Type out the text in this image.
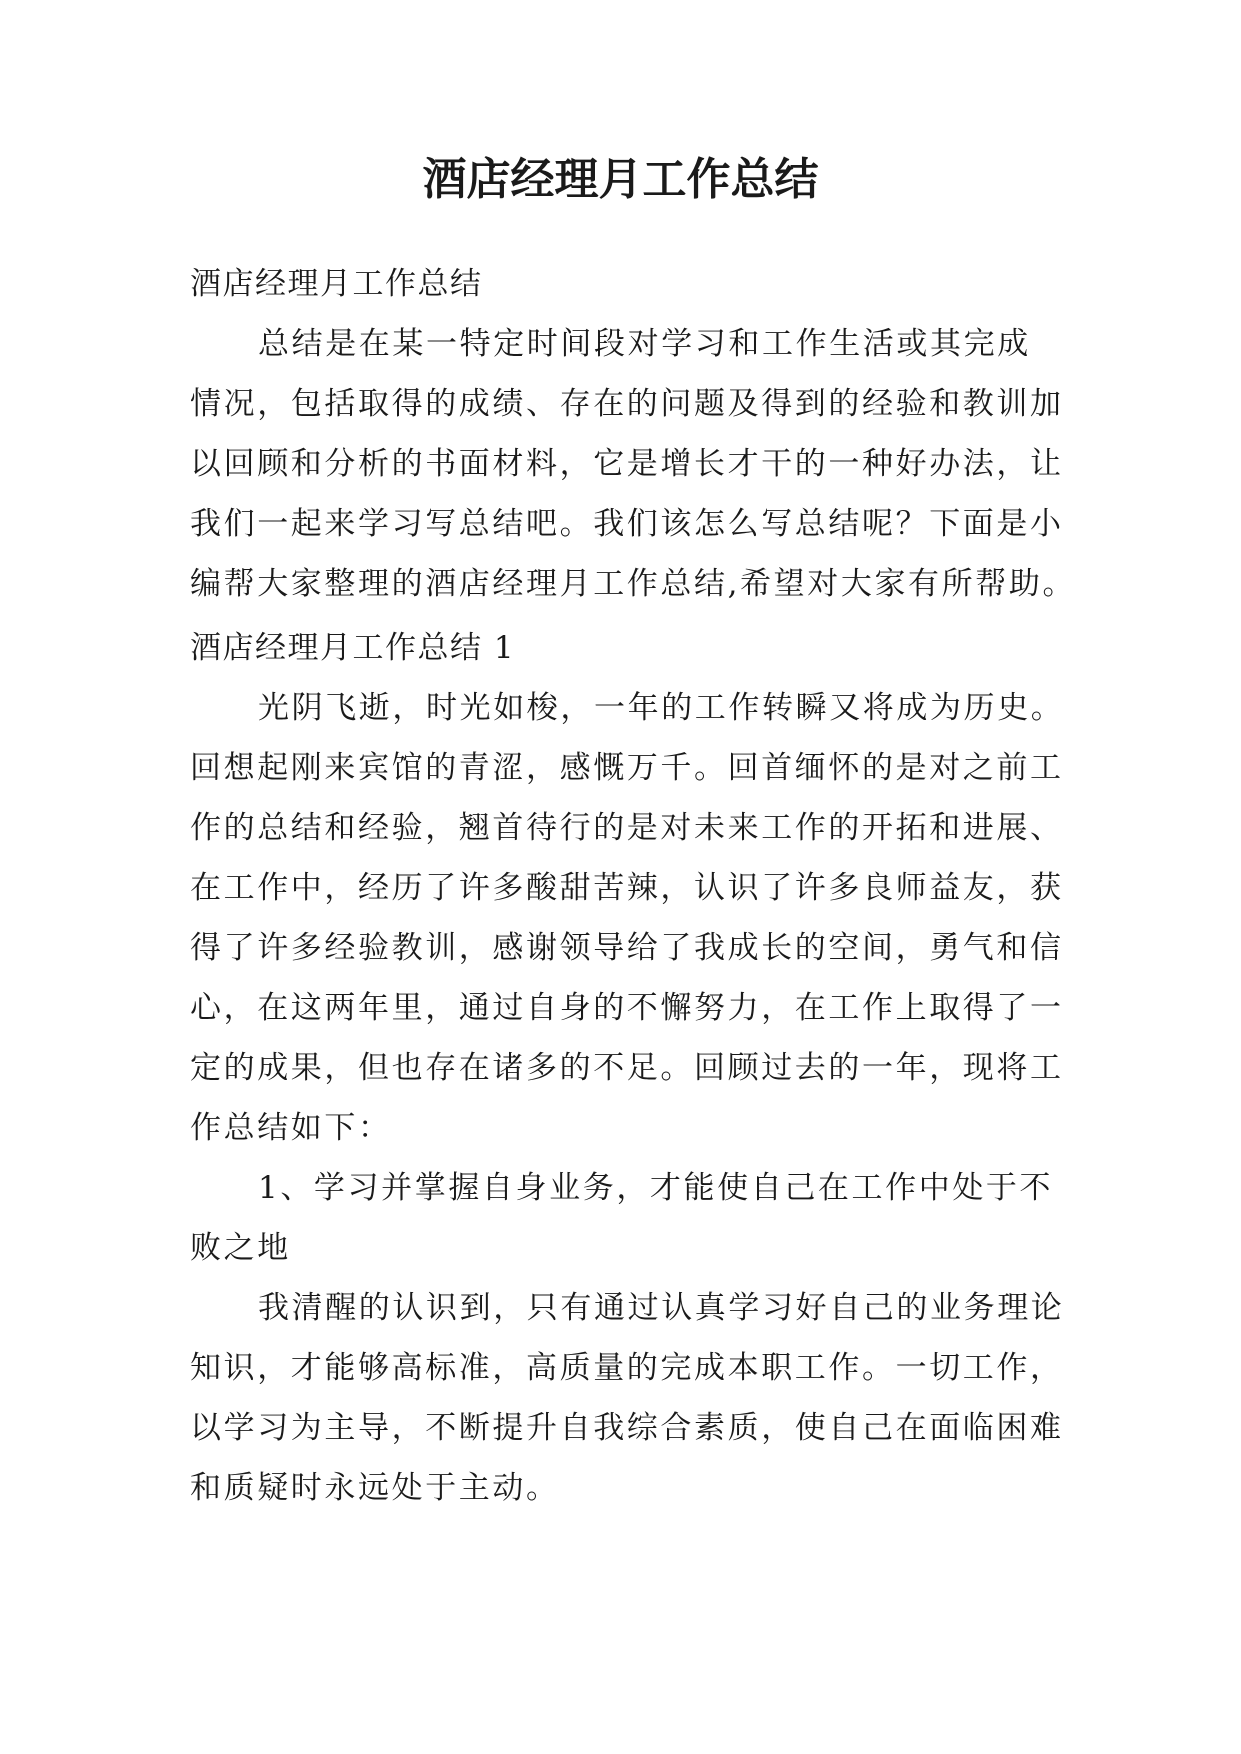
酒店经理月工作总结
酒店经理月工作总结
总结是在某一特定时间段对学习和工作生活或其完成
情况，包括取得的成绩、存在的问题及得到的经验和教训加
以回顾和分析的书面材料，它是增长才干的一种好办法，让
我们一起来学习写总结吧。我们该怎么写总结呢？下面是小
编帮大家整理的酒店经理月工作总结,希望对大家有所帮助。
酒店经理月工作总结 1
光阴飞逝，时光如梭，一年的工作转瞬又将成为历史。
回想起刚来宾馆的青涩，感慨万千。回首缅怀的是对之前工
作的总结和经验，翘首待行的是对未来工作的开拓和进展、
在工作中，经历了许多酸甜苦辣，认识了许多良师益友，获
得了许多经验教训，感谢领导给了我成长的空间，勇气和信
心，在这两年里，通过自身的不懈努力，在工作上取得了一
定的成果，但也存在诸多的不足。回顾过去的一年，现将工
作总结如下：
1、学习并掌握自身业务，才能使自己在工作中处于不
败之地
我清醒的认识到，只有通过认真学习好自己的业务理论
知识，才能够高标准，高质量的完成本职工作。一切工作，
以学习为主导，不断提升自我综合素质，使自己在面临困难
和质疑时永远处于主动。
